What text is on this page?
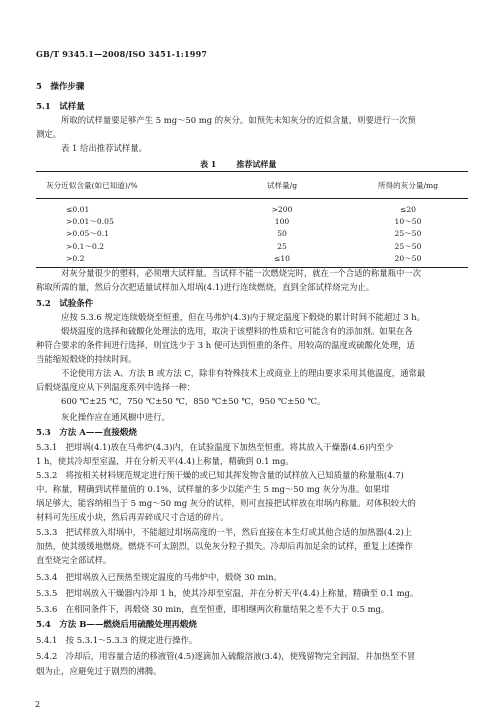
GB/T 9345.1—2008/ISO 3451-1:1997
5　操作步骤
5.1　试样量
所取的试样量要足够产生 5 mg～50 mg 的灰分。如预先未知灰分的近似含量，则要进行一次预
测定。
表 1 给出推荐试样量。
表 1	推荐试样量
灰分近似含量(如已知道)/%	试样量/g	所得的灰分量/mg
≤0.01	>200	≤20
>0.01～0.05	100	10～50
>0.05～0.1	50	25～50
>0.1～0.2	25	25～50
>0.2	≤10	20～50
对灰分量很少的塑料，必须增大试样量。当试样不能一次燃烧完时，就在一个合适的称量瓶中一次
称取所需的量，然后分次把适量试样加入坩埚(4.1)进行连续燃烧，直到全部试样烧完为止。
5.2　试验条件
应按 5.3.6 规定连续煅烧至恒重，但在马弗炉(4.3)内于规定温度下煅烧的累计时间不能超过 3 h。
煅烧温度的选择和硫酸化处理法的选用，取决于该塑料的性质和它可能含有的添加剂。如果在各
种符合要求的条件间进行选择，则宜选少于 3 h 便可达到恒重的条件。用较高的温度或硫酸化处理，适
当能缩短煅烧的持续时间。
不论使用方法 A、方法 B 或方法 C，除非有特殊技术上或商业上的理由要求采用其他温度，通常最
后煅烧温度应从下列温度系列中选择一种：
600 ℃±25 ℃，750 ℃±50 ℃，850 ℃±50 ℃，950 ℃±50 ℃。
灰化操作应在通风橱中进行。
5.3　方法 A——直接煅烧
5.3.1　把坩埚(4.1)放在马弗炉(4.3)内，在试验温度下加热至恒重。将其放入干燥器(4.6)内至少
1 h，使其冷却至室温，并在分析天平(4.4)上称量，精确到 0.1 mg。
5.3.2　将按相关材料规范规定进行预干燥的或已知其挥发物含量的试样放入已知质量的称量瓶(4.7)
中。称量，精确到试样量值的 0.1%，试样量的多少以能产生 5 mg～50 mg 灰分为准。如果坩
埚足够大，能容纳相当于 5 mg～50 mg 灰分的试样，则可直接把试样放在坩埚内称量。对体积较大的
材料可先压成小块，然后再弄碎成尺寸合适的碎片。
5.3.3　把试样放入坩埚中，不能超过坩埚高度的一半，然后直接在本生灯或其他合适的加热器(4.2)上
加热，使其缓缓地燃烧。燃烧不可太剧烈，以免灰分粒子损失。冷却后再加足余的试样，重复上述操作
直至烧完全部试样。
5.3.4　把坩埚放入已预热至规定温度的马弗炉中，煅烧 30 min。
5.3.5　把坩埚放入干燥器内冷却 1 h，使其冷却至室温，并在分析天平(4.4)上称量，精确至 0.1 mg。
5.3.6　在相同条件下，再煅烧 30 min，直至恒重，即相继两次称量结果之差不大于 0.5 mg。
5.4　方法 B——燃烧后用硫酸处理再煅烧
5.4.1　按 5.3.1～5.3.3 的规定进行操作。
5.4.2　冷却后，用容量合适的移液管(4.5)逐滴加入硫酸溶液(3.4)，使残留物完全润湿，并加热至不冒
烟为止，应避免过于剧烈的沸腾。
2
